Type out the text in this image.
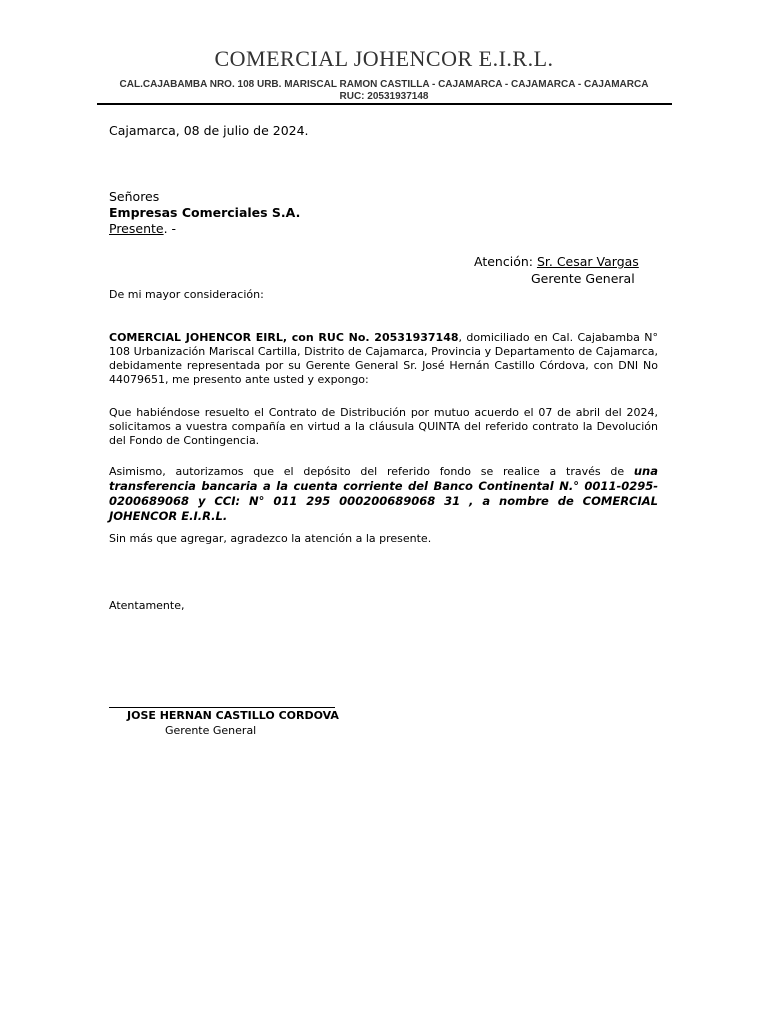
COMERCIAL JOHENCOR E.I.R.L.
CAL.CAJABAMBA NRO. 108 URB. MARISCAL RAMON CASTILLA - CAJAMARCA - CAJAMARCA - CAJAMARCA
RUC: 20531937148
Cajamarca, 08 de julio de 2024.
Señores
Empresas Comerciales S.A.
Presente. -
Atención: Sr. Cesar Vargas
Gerente General
De mi mayor consideración:
COMERCIAL JOHENCOR EIRL, con RUC No. 20531937148, domiciliado en Cal. Cajabamba N° 108 Urbanización Mariscal Cartilla, Distrito de Cajamarca, Provincia y Departamento de Cajamarca, debidamente representada por su Gerente General Sr. José Hernán Castillo Córdova, con DNI No 44079651, me presento ante usted y expongo:
Que habiéndose resuelto el Contrato de Distribución por mutuo acuerdo el 07 de abril del 2024, solicitamos a vuestra compañía en virtud a la cláusula QUINTA del referido contrato la Devolución del Fondo de Contingencia.
Asimismo, autorizamos que el depósito del referido fondo se realice a través de una transferencia bancaria a la cuenta corriente del Banco Continental N.° 0011-0295-0200689068 y CCI: N° 011 295 000200689068 31 , a nombre de COMERCIAL JOHENCOR E.I.R.L.
Sin más que agregar, agradezco la atención a la presente.
Atentamente,
JOSE HERNAN CASTILLO CORDOVA
Gerente General
